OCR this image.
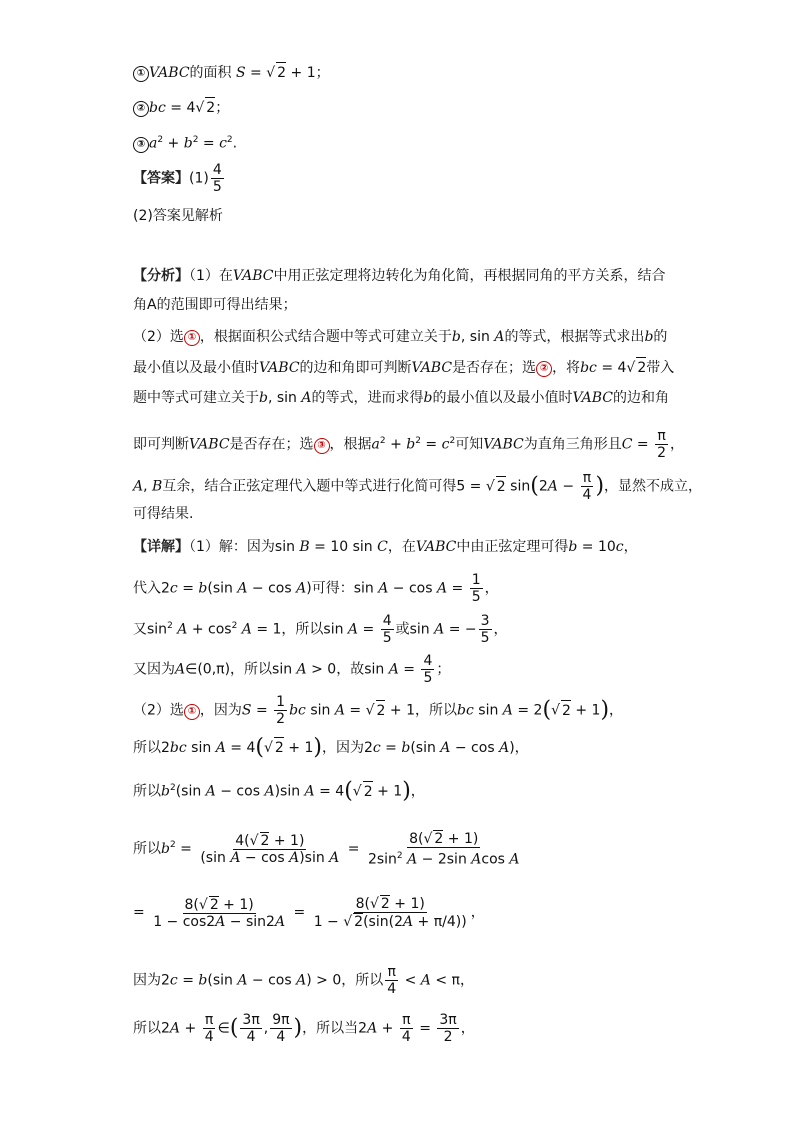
① VABC的面积 S = √ 2 + 1；
② bc = 4√ 2；
③ $a^2 + b^2 = c^2$.
【答案】$(1) \frac{4}{5}$
(2)答案见解析
【分析】（1）在VABC中用正弦定理将边转化为角化简，再根据同角的平方关系，结合
角A的范围即可得出结果；
（2）选 ① ，根据面积公式结合题中等式可建立关于b, sin A的等式，根据等式求出b的
最小值以及最小值时VABC的边和角即可判断VABC是否存在；选 ② ，将bc = 4√ 2带入
题中等式可建立关于b, sin A的等式，进而求得b的最小值以及最小值时VABC的边和角
即可判断VABC是否存在；选 ③ ，根据$a^2 + b^2 = c^2$可知VABC为直角三角形且$C = \frac{\pi}{2}$ ，
A, B互余，结合正弦定理代入题中等式进行化简可得5 = √ 2 $\sin(2A - \frac{\pi}{4}$ )，显然不成立，
可得结果.
【详解】（1）解：因为sin B = 10 sin C，在VABC中由正弦定理可得b = 10c，
代入2c = b(sin A − cos A)可得：$\sin A - \cos A = \frac{1}{5}$ ，
又$\sin^2 A + \cos^2 A = 1$，所以$\sin A = \frac{4}{5}$ 或sin A = − $\frac{3}{5}$ ，
又因为A∈(0,π)，所以sin A > 0，故$\sin A = \frac{4}{5}$ ；
（2）选 ① ，因为$S = \frac{1}{2}$ bc sin A = √ 2 + 1，所以bc sin A = 2(√ 2 + 1)，
所以2bc sin A = 4(√ 2 + 1)，因为2c = b(sin A − cos A)，
所以$b^2(\sin$ A − cos A)sin A = 4(√ 2 + 1)，
所以$b^2 = \frac{4(√ 2 + 1)}{\text{(sin A − cos A)sin A}} = \frac{8(√ 2 + 1)}{2\sin^2 A - 2\sin Acos A}$
= $\frac{8(√ 2 + 1)}{1 - \cos 2A - \sin 2A} = \frac{8(√ 2 + 1)}{1 - √ 2(\sin(2A + \pi/4))}$ ，
因为2c = b(sin A − cos A) > 0，所以 $\frac{\pi}{4} < A < \pi$，
所以$2A + \frac{\pi}{4}$ ∈( $\frac{3\pi}{4}$ , $\frac{9\pi}{4}$ )，所以当$2A + \frac{\pi}{4} = \frac{3\pi}{2}$ ，
